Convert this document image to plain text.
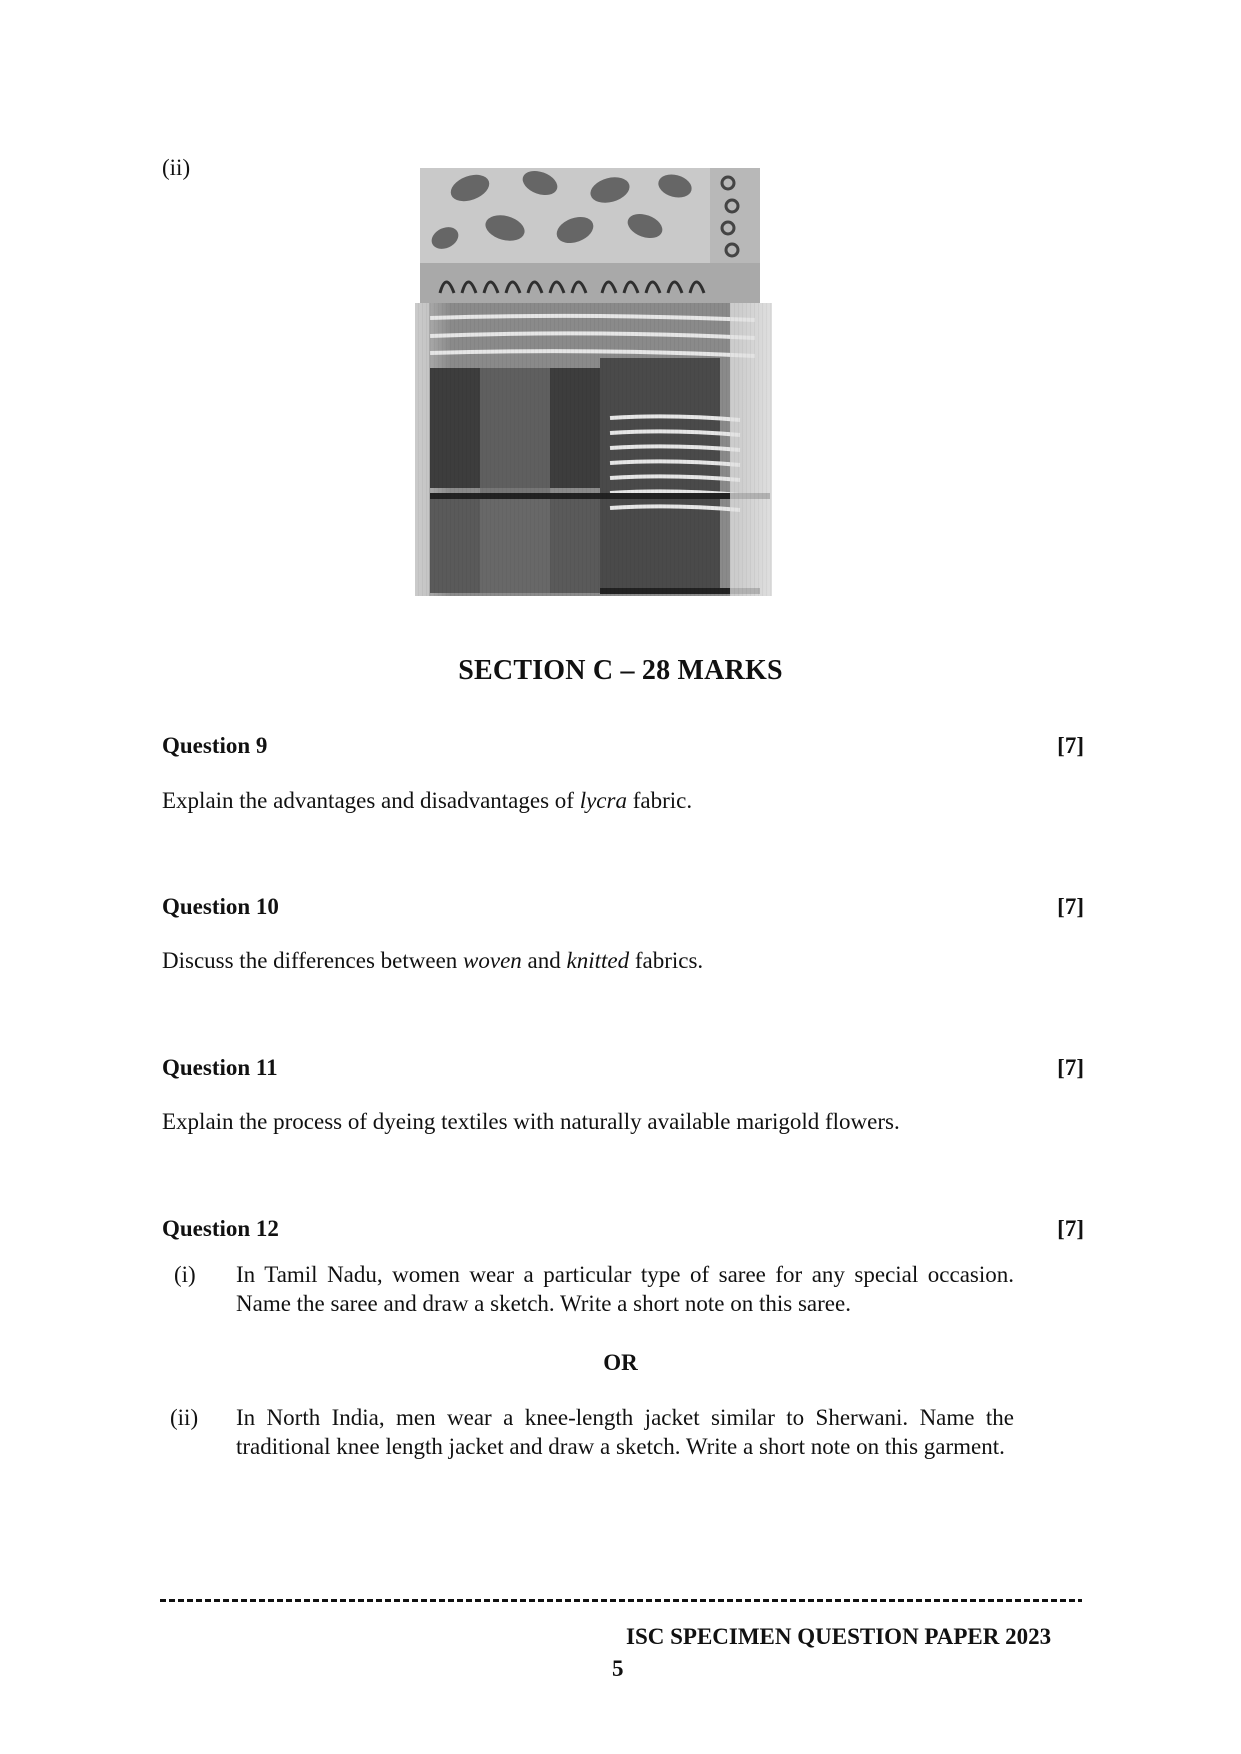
(ii)
SECTION C – 28 MARKS
Question 9	[7]
Explain the advantages and disadvantages of lycra fabric.
Question 10	[7]
Discuss the differences between woven and knitted fabrics.
Question 11	[7]
Explain the process of dyeing textiles with naturally available marigold flowers.
Question 12	[7]
(i) In Tamil Nadu, women wear a particular type of saree for any special occasion. Name the saree and draw a sketch. Write a short note on this saree.
OR
(ii) In North India, men wear a knee-length jacket similar to Sherwani. Name the traditional knee length jacket and draw a sketch. Write a short note on this garment.
ISC SPECIMEN QUESTION PAPER 2023
5
